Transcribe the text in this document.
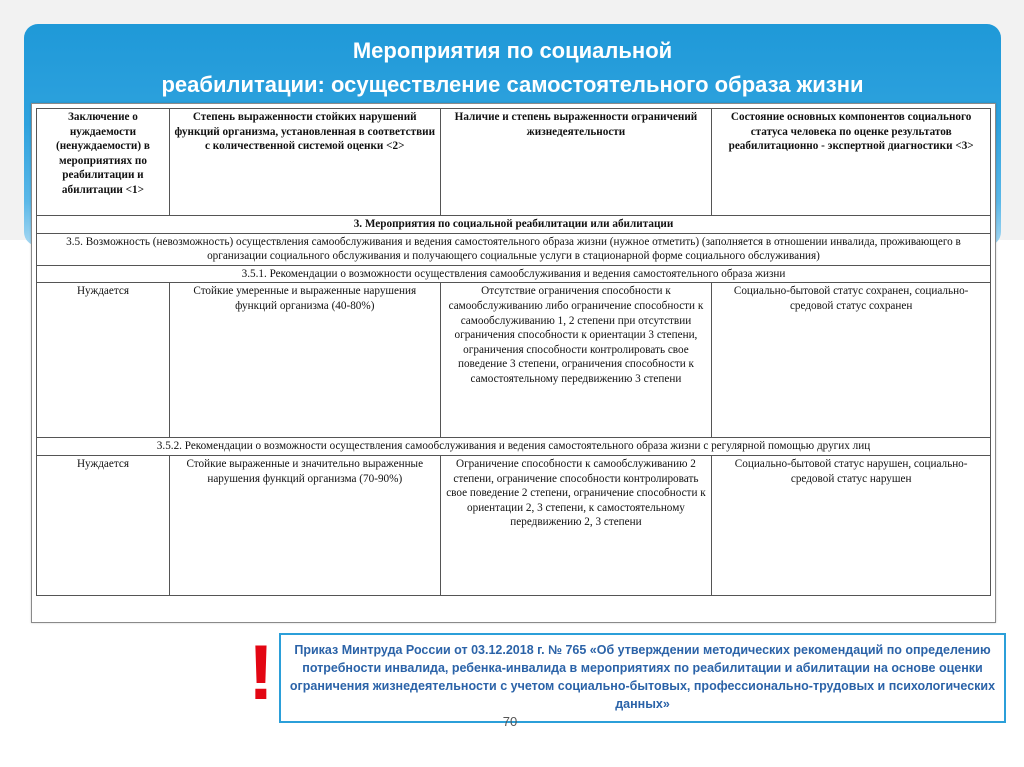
Мероприятия по социальной
реабилитации: осуществление самостоятельного образа жизни
Заключение о нуждаемости (ненуждаемости) в мероприятиях по реабилитации и абилитации <1>	Степень выраженности стойких нарушений функций организма, установленная в соответствии с количественной системой оценки <2>	Наличие и степень выраженности ограничений жизнедеятельности	Состояние основных компонентов социального статуса человека по оценке результатов реабилитационно - экспертной диагностики <3>
3. Мероприятия по социальной реабилитации или абилитации			
3.5. Возможность (невозможность) осуществления самообслуживания и ведения самостоятельного образа жизни (нужное отметить) (заполняется в отношении инвалида, проживающего в организации социального обслуживания и получающего социальные услуги в стационарной форме социального обслуживания)			
3.5.1. Рекомендации о возможности осуществления самообслуживания и ведения самостоятельного образа жизни			
Нуждается	Стойкие умеренные и выраженные нарушения функций организма (40-80%)	Отсутствие ограничения способности к самообслуживанию либо ограничение способности к самообслуживанию 1, 2 степени при отсутствии ограничения способности к ориентации 3 степени, ограничения способности контролировать свое поведение 3 степени, ограничения способности к самостоятельному передвижению 3 степени	Социально-бытовой статус сохранен, социально-средовой статус сохранен
3.5.2. Рекомендации о возможности осуществления самообслуживания и ведения самостоятельного образа жизни с регулярной помощью других лиц			
Нуждается	Стойкие выраженные и значительно выраженные нарушения функций организма (70-90%)	Ограничение способности к самообслуживанию 2 степени, ограничение способности контролировать свое поведение 2 степени, ограничение способности к ориентации 2, 3 степени, к самостоятельному передвижению 2, 3 степени	Социально-бытовой статус нарушен, социально-средовой статус нарушен
!	Приказ Минтруда России от 03.12.2018 г. № 765 «Об утверждении методических рекомендаций по определению потребности инвалида, ребенка-инвалида в мероприятиях по реабилитации и абилитации на основе оценки ограничения жизнедеятельности с учетом социально-бытовых, профессионально-трудовых и психологических данных»
70
